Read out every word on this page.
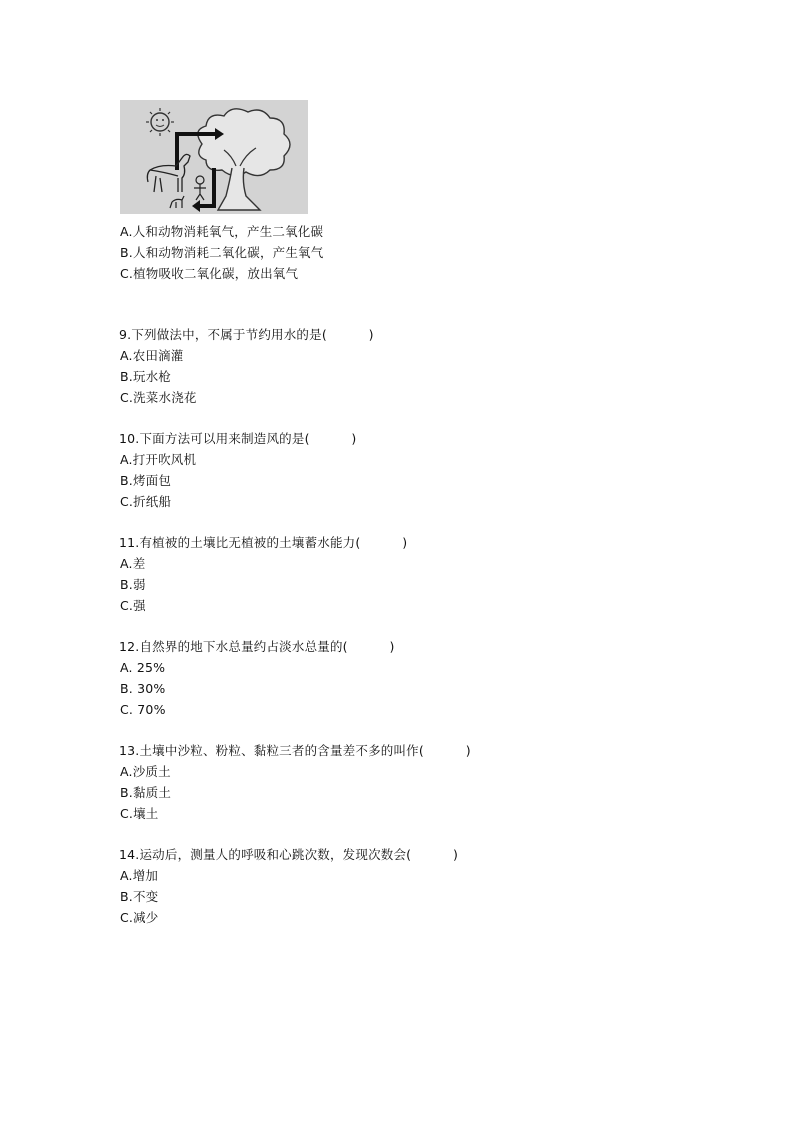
A.人和动物消耗氧气，产生二氧化碳
B.人和动物消耗二氧化碳，产生氧气
C.植物吸收二氧化碳，放出氧气
9.下列做法中，不属于节约用水的是(          )
A.农田滴灌
B.玩水枪
C.洗菜水浇花
10.下面方法可以用来制造风的是(          )
A.打开吹风机
B.烤面包
C.折纸船
11.有植被的土壤比无植被的土壤蓄水能力(          )
A.差
B.弱
C.强
12.自然界的地下水总量约占淡水总量的(          )
A. 25%
B. 30%
C. 70%
13.土壤中沙粒、粉粒、黏粒三者的含量差不多的叫作(          )
A.沙质土
B.黏质土
C.壤土
14.运动后，测量人的呼吸和心跳次数，发现次数会(          )
A.增加
B.不变
C.减少
